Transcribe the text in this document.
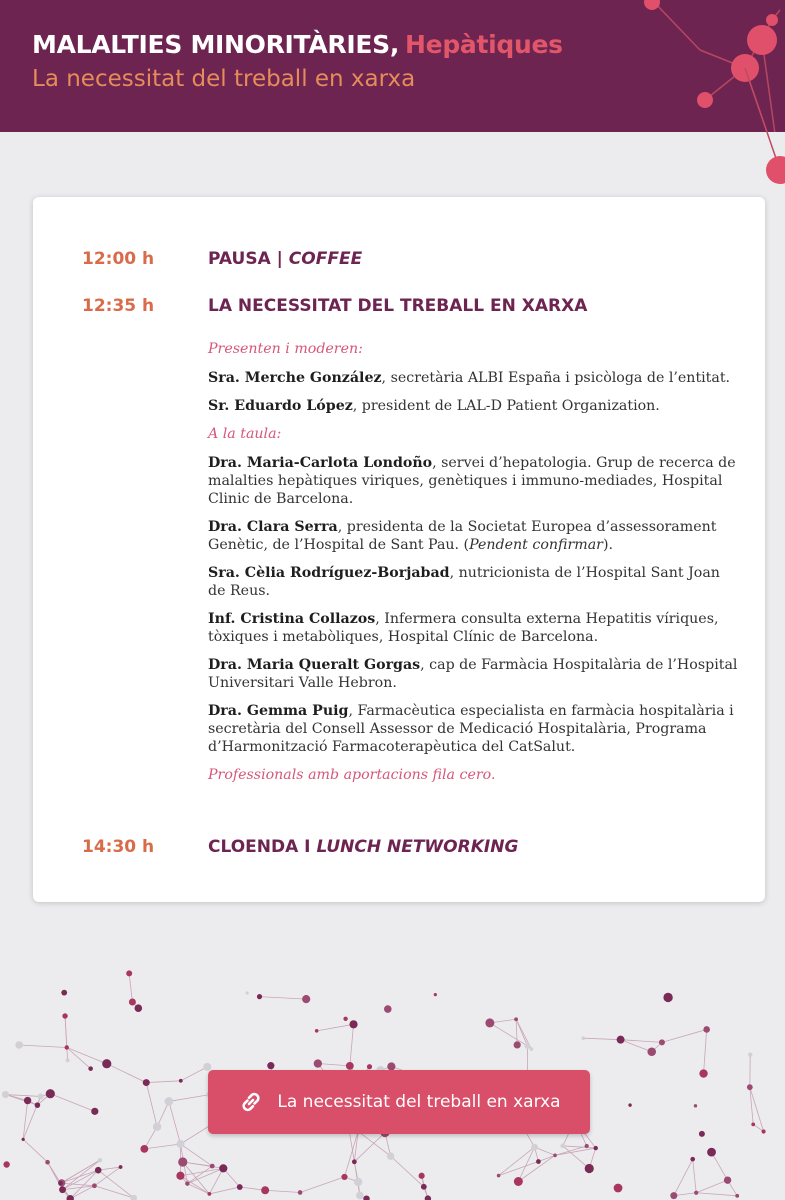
MALALTIES MINORITÀRIES, Hepàtiques

La necessitat del treball en xarxa

12:00 h	PAUSA | COFFEE
12:35 h	LA NECESSITAT DEL TREBALL EN XARXA

Presenten i moderen:

Sra. Merche González, secretària ALBI España i psicòloga de l’entitat.

Sr. Eduardo López, president de LAL-D Patient Organization.

A la taula:

Dra. Maria-Carlota Londoño, servei d’hepatologia. Grup de recerca de malalties hepàtiques viriques, genètiques i immuno-mediades, Hospital Clinic de Barcelona.

Dra. Clara Serra, presidenta de la Societat Europea d’assessorament Genètic, de l’Hospital de Sant Pau. (Pendent confirmar).

Sra. Cèlia Rodríguez-Borjabad, nutricionista de l’Hospital Sant Joan de Reus.

Inf. Cristina Collazos, Infermera consulta externa Hepatitis víriques, tòxiques i metabòliques, Hospital Clínic de Barcelona.

Dra. Maria Queralt Gorgas, cap de Farmàcia Hospitalària de l’Hospital Universitari Valle Hebron.

Dra. Gemma Puig, Farmacèutica especialista en farmàcia hospitalària i secretària del Consell Assessor de Medicació Hospitalària, Programa d’Harmonització Farmacoterapèutica del CatSalut.

Professionals amb aportacions fila cero.

14:30 h	CLOENDA I LUNCH NETWORKING
La necessitat del treball en xarxa
